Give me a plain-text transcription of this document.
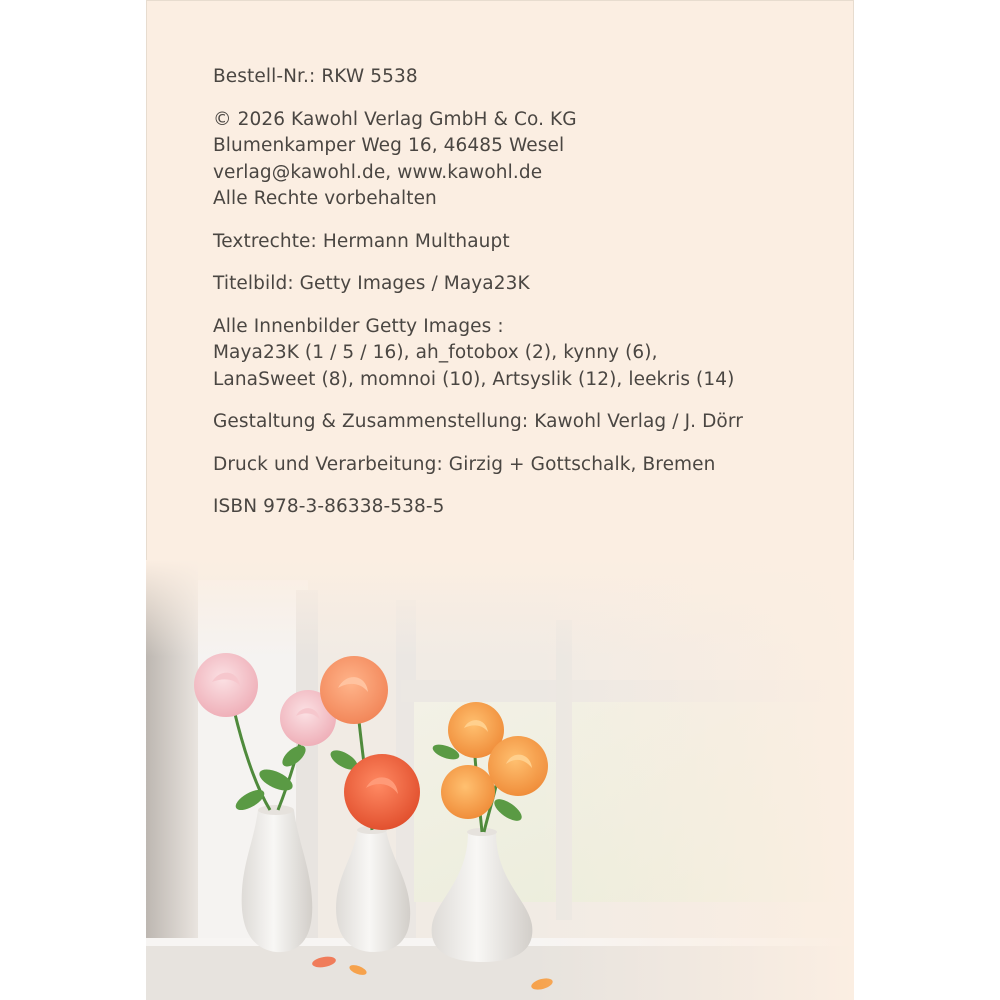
Bestell-Nr.: RKW 5538

© 2026 Kawohl Verlag GmbH & Co. KG
Blumenkamper Weg 16, 46485 Wesel
verlag@kawohl.de, www.kawohl.de
Alle Rechte vorbehalten

Textrechte: Hermann Multhaupt

Titelbild: Getty Images / Maya23K

Alle Innenbilder Getty Images :
Maya23K (1 / 5 / 16), ah_fotobox (2), kynny (6),
LanaSweet (8), momnoi (10), Artsyslik (12), leekris (14)

Gestaltung & Zusammenstellung: Kawohl Verlag / J. Dörr

Druck und Verarbeitung: Girzig + Gottschalk, Bremen

ISBN 978-3-86338-538-5
